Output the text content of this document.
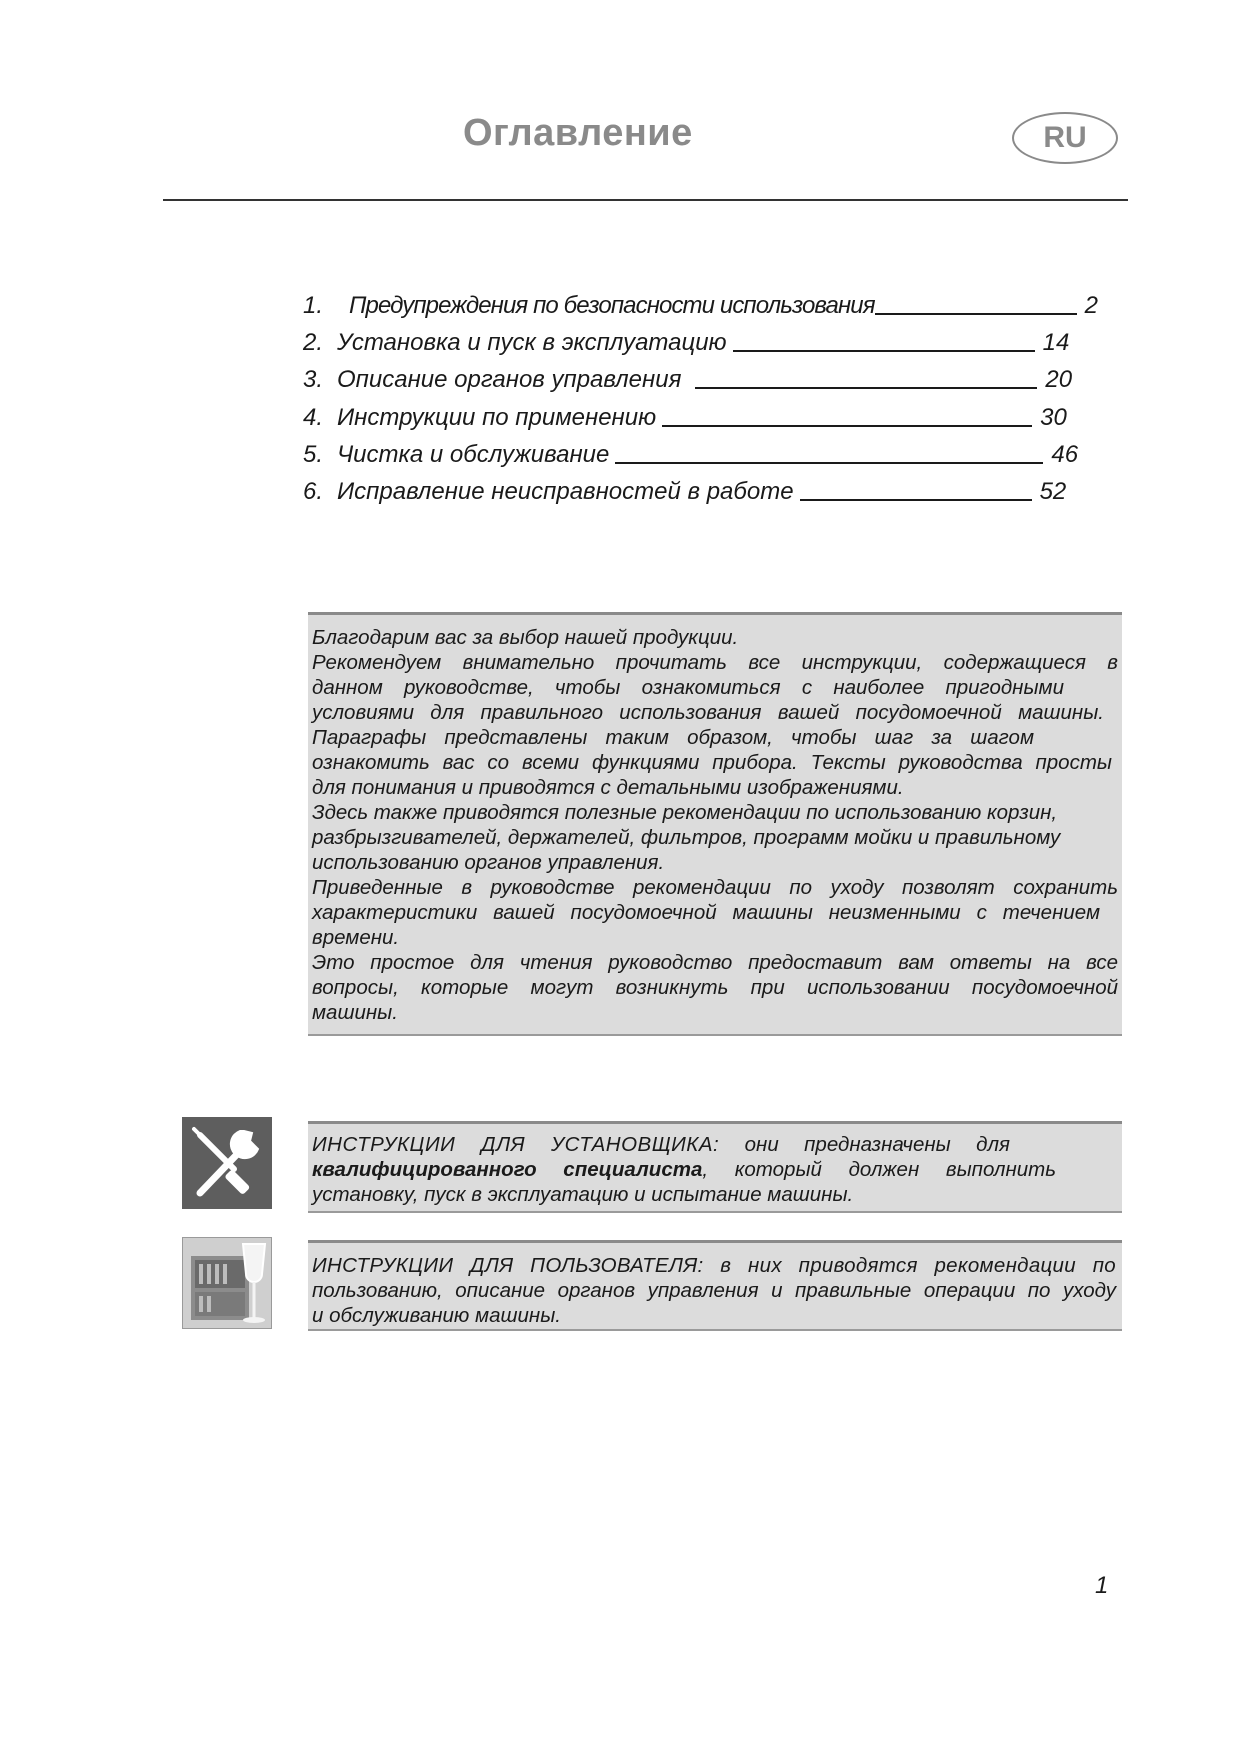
Оглавление	RU
1.	Предупреждения по безопасности использования	2
2. Установка и пуск в эксплуатацию	14
3. Описание органов управления	20
4. Инструкции по применению	30
5. Чистка и обслуживание	46
6. Исправление неисправностей в работе	52

Благодарим вас за выбор нашей продукции.

Рекомендуем внимательно прочитать все инструкции, содержащиеся в

данном руководстве, чтобы ознакомиться с наиболее пригодными

условиями для правильного использования вашей посудомоечной машины.

Параграфы представлены таким образом, чтобы шаг за шагом

ознакомить вас со всеми функциями прибора. Тексты руководства просты

для понимания и приводятся с детальными изображениями.

Здесь также приводятся полезные рекомендации по использованию корзин,

разбрызгивателей, держателей, фильтров, программ мойки и правильному

использованию органов управления.

Приведенные в руководстве рекомендации по уходу позволят сохранить

характеристики вашей посудомоечной машины неизменными с течением

времени.

Это простое для чтения руководство предоставит вам ответы на все

вопросы, которые могут возникнуть при использовании посудомоечной

машины.

ИНСТРУКЦИИ ДЛЯ УСТАНОВЩИКА: они предназначены для
квалифицированного специалиста, который должен выполнить
установку, пуск в эксплуатацию и испытание машины.
ИНСТРУКЦИИ ДЛЯ ПОЛЬЗОВАТЕЛЯ: в них приводятся рекомендации по
пользованию, описание органов управления и правильные операции по уходу
и обслуживанию машины.
1
